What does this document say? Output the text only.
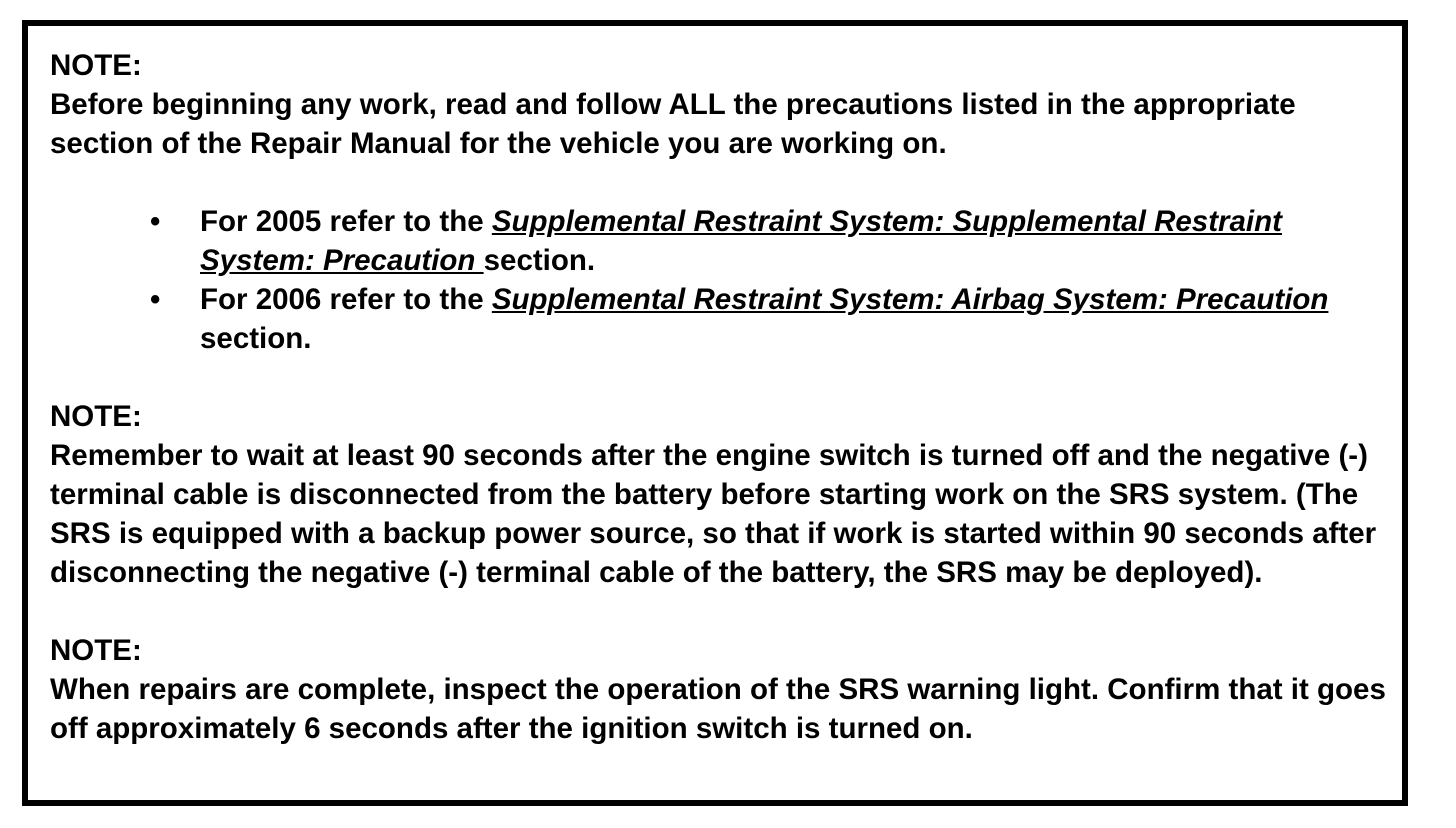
NOTE:
Before beginning any work, read and follow ALL the precautions listed in the appropriate section of the Repair Manual for the vehicle you are working on.
• For 2005 refer to the Supplemental Restraint System: Supplemental Restraint System: Precaution section.
• For 2006 refer to the Supplemental Restraint System: Airbag System: Precaution section.
NOTE:
Remember to wait at least 90 seconds after the engine switch is turned off and the negative (-) terminal cable is disconnected from the battery before starting work on the SRS system. (The SRS is equipped with a backup power source, so that if work is started within 90 seconds after disconnecting the negative (-) terminal cable of the battery, the SRS may be deployed).
NOTE:
When repairs are complete, inspect the operation of the SRS warning light. Confirm that it goes off approximately 6 seconds after the ignition switch is turned on.
